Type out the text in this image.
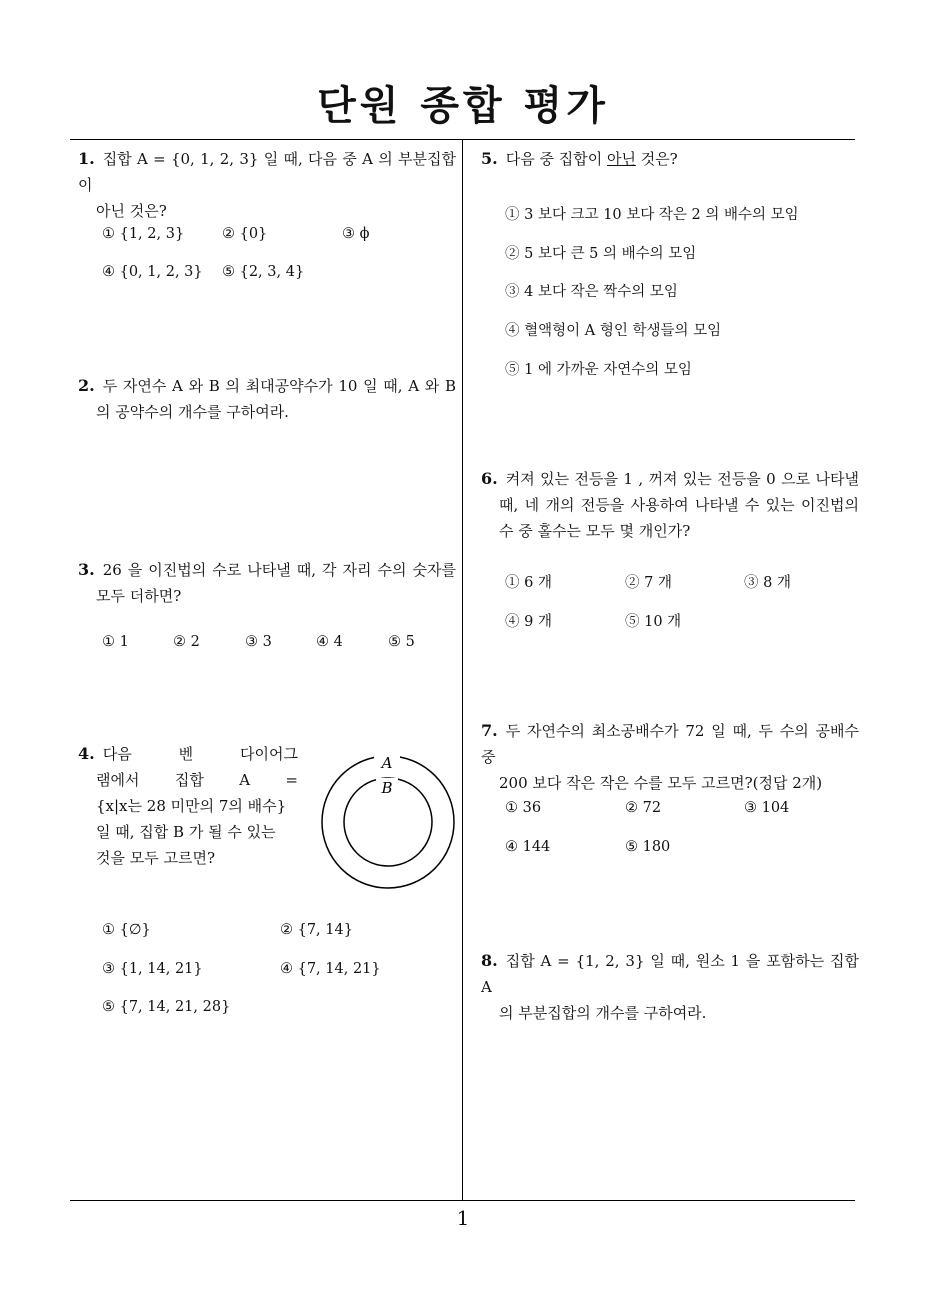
단원 종합 평가
1
1. 집합 A = {0, 1, 2, 3} 일 때, 다음 중 A 의 부분집합이
아닌 것은?
① {1, 2, 3}	② {0}	③ ϕ
④ {0, 1, 2, 3} ⑤ {2, 3, 4}
2. 두 자연수 A 와 B 의 최대공약수가 10 일 때, A 와 B
의 공약수의 개수를 구하여라.
3. 26 을 이진법의 수로 나타낼 때, 각 자리 수의 숫자를
모두 더하면?
① 1	② 2	③ 3	④ 4	⑤ 5
4. 다음 벤 다이어그
램에서 집합 A =
{x|x는 28 미만의 7의 배수}
일 때, 집합 B 가 될 수 있는
것을 모두 고르면?
A
B
① {∅}	② {7, 14}
③ {1, 14, 21}	④ {7, 14, 21}
⑤ {7, 14, 21, 28}
5. 다음 중 집합이 아닌 것은?
① 3 보다 크고 10 보다 작은 2 의 배수의 모임
② 5 보다 큰 5 의 배수의 모임
③ 4 보다 작은 짝수의 모임
④ 혈액형이 A 형인 학생들의 모임
⑤ 1 에 가까운 자연수의 모임
6. 켜져 있는 전등을 1 , 꺼져 있는 전등을 0 으로 나타낼
때, 네 개의 전등을 사용하여 나타낼 수 있는 이진법의
수 중 홀수는 모두 몇 개인가?
① 6 개	② 7 개	③ 8 개
④ 9 개	⑤ 10 개
7. 두 자연수의 최소공배수가 72 일 때, 두 수의 공배수 중
200 보다 작은 작은 수를 모두 고르면?(정답 2개)
① 36	② 72	③ 104
④ 144	⑤ 180
8. 집합 A = {1, 2, 3} 일 때, 원소 1 을 포함하는 집합 A
의 부분집합의 개수를 구하여라.
